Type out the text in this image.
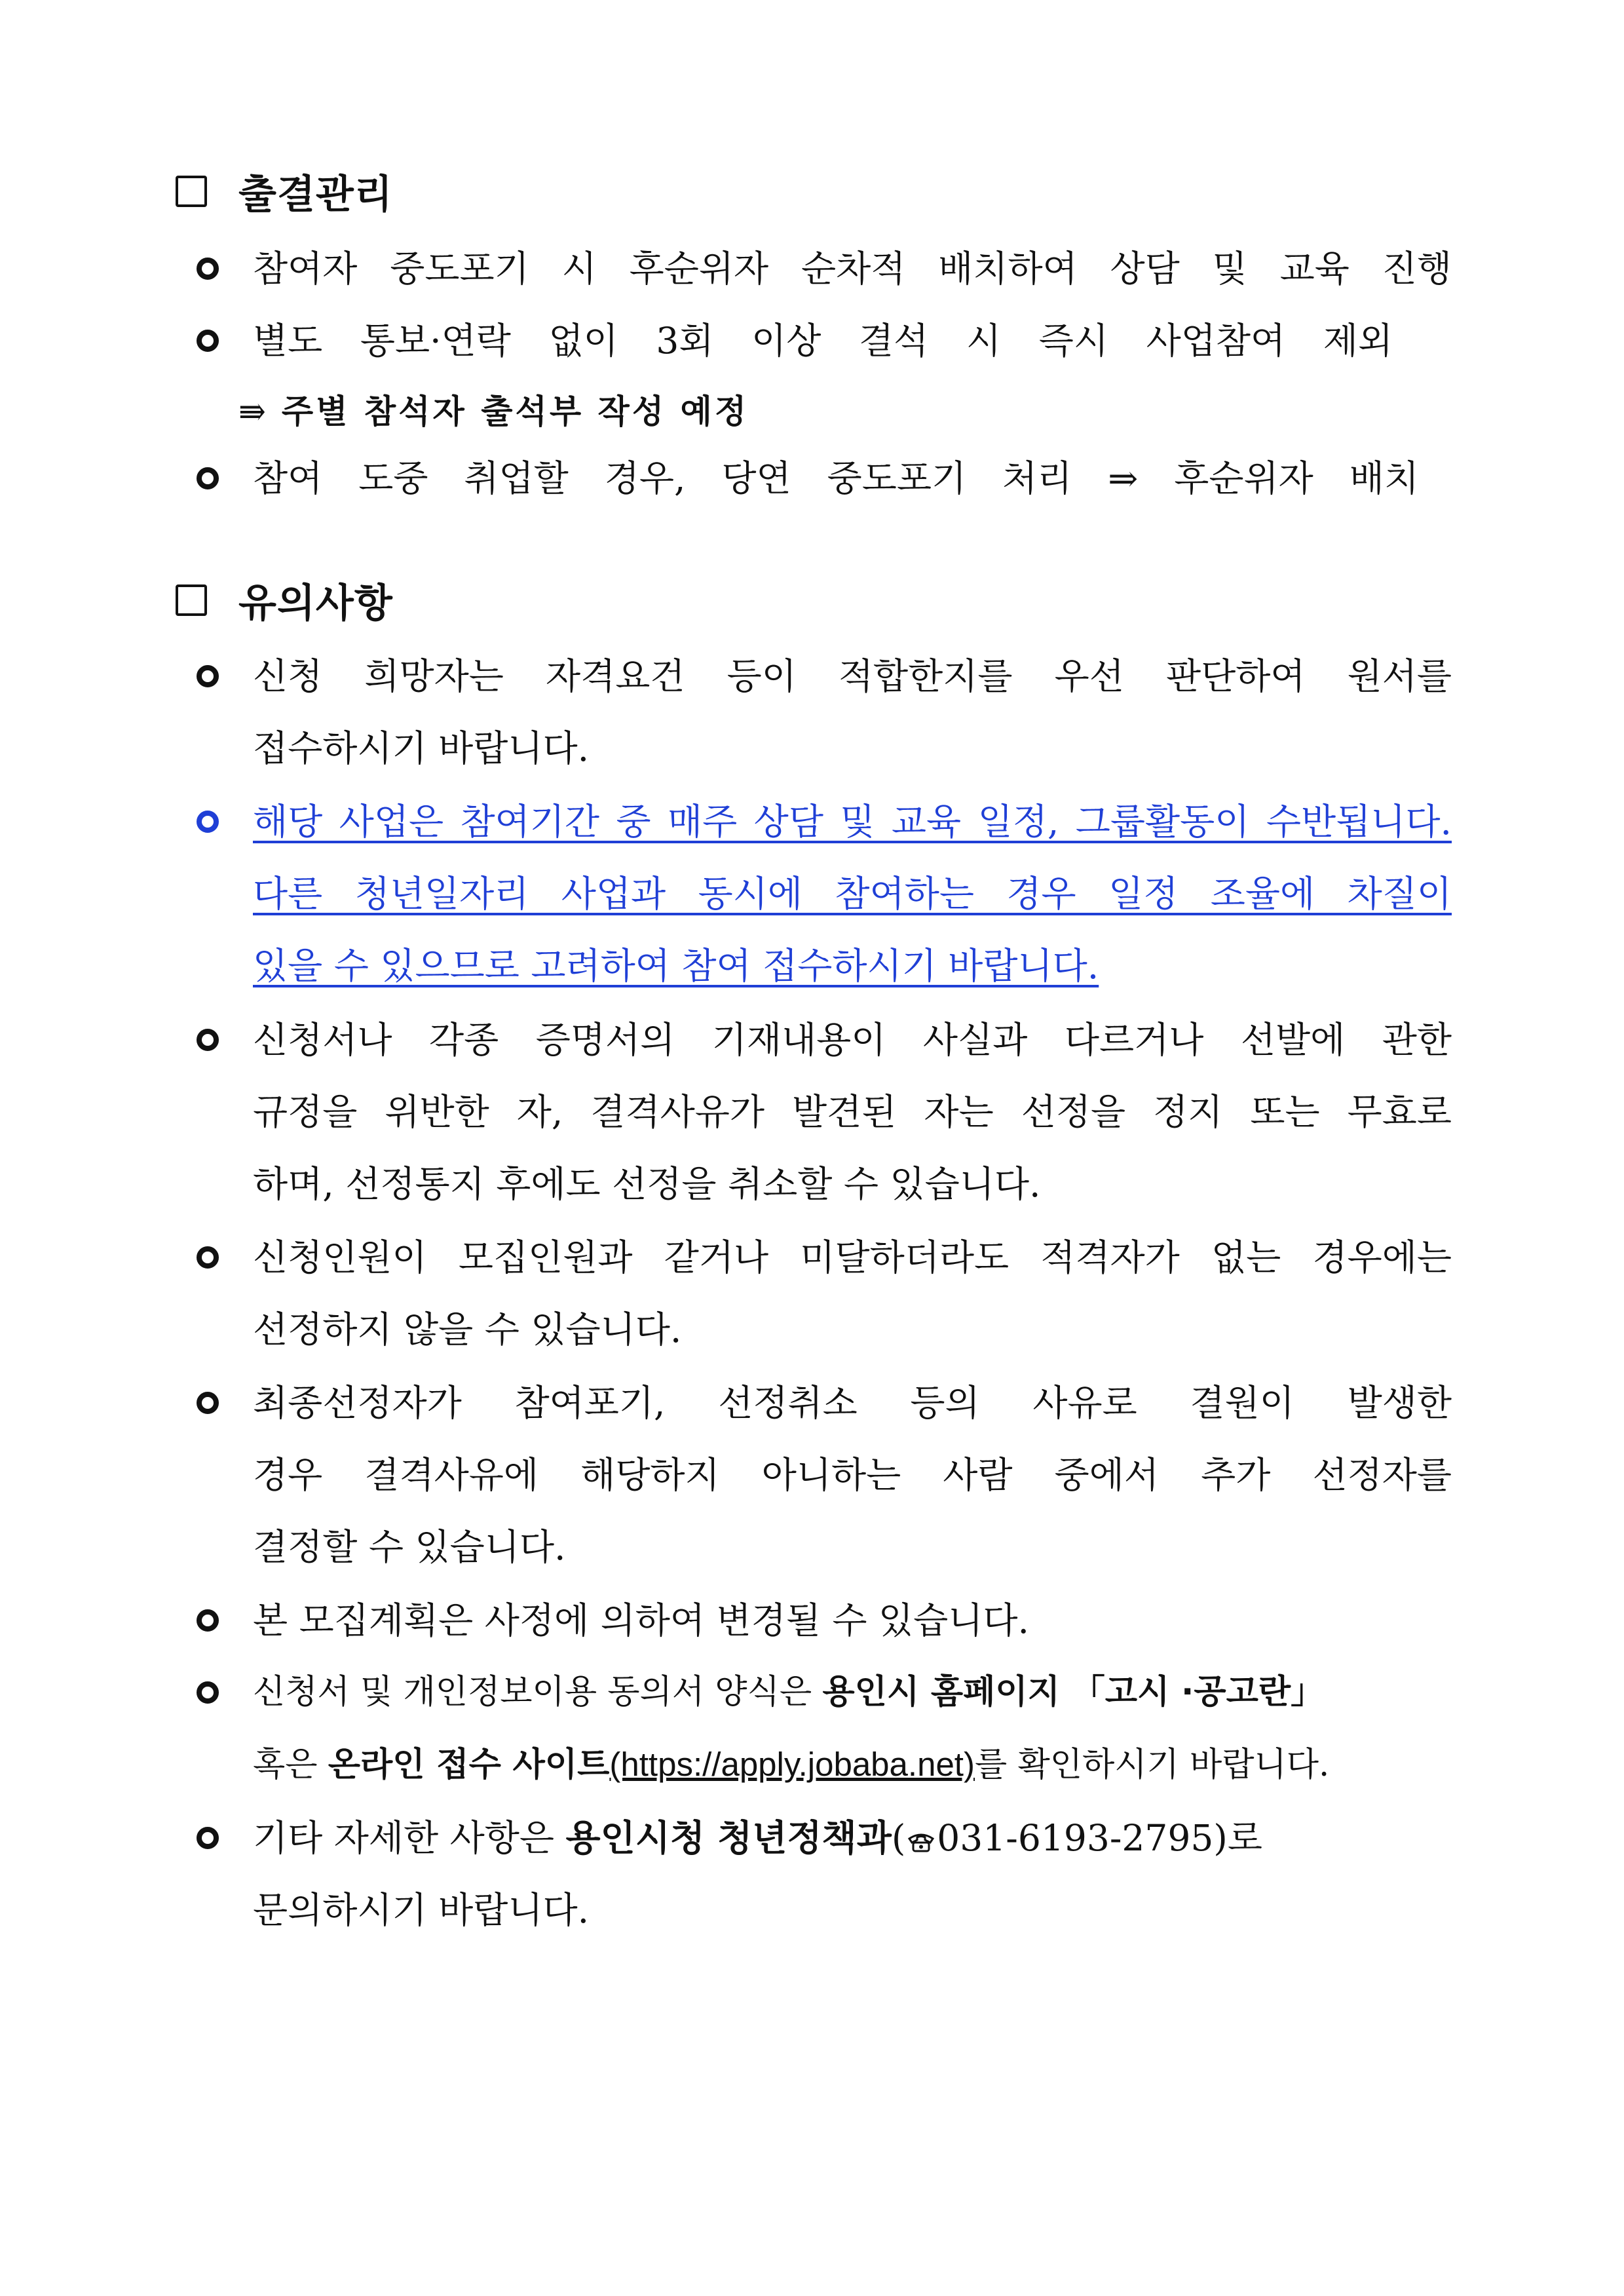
출결관리
참여자 중도포기 시 후순위자 순차적 배치하여 상담 및 교육 진행
별도 통보·연락 없이 3회 이상 결석 시 즉시 사업참여 제외
⇛ 주별 참석자 출석부 작성 예정
참여 도중 취업할 경우, 당연 중도포기 처리 ⇒ 후순위자 배치
유의사항
신청 희망자는 자격요건 등이 적합한지를 우선 판단하여 원서를
접수하시기 바랍니다.
해당 사업은 참여기간 중 매주 상담 및 교육 일정, 그룹활동이 수반됩니다.
다른 청년일자리 사업과 동시에 참여하는 경우 일정 조율에 차질이
있을 수 있으므로 고려하여 참여 접수하시기 바랍니다.
신청서나 각종 증명서의 기재내용이 사실과 다르거나 선발에 관한
규정을 위반한 자, 결격사유가 발견된 자는 선정을 정지 또는 무효로
하며, 선정통지 후에도 선정을 취소할 수 있습니다.
신청인원이 모집인원과 같거나 미달하더라도 적격자가 없는 경우에는
선정하지 않을 수 있습니다.
최종선정자가 참여포기, 선정취소 등의 사유로 결원이 발생한
경우 결격사유에 해당하지 아니하는 사람 중에서 추가 선정자를
결정할 수 있습니다.
본 모집계획은 사정에 의하여 변경될 수 있습니다.
신청서 및 개인정보이용 동의서 양식은 용인시 홈페이지 「고시 ·공고란」
혹은 온라인 접수 사이트(https://apply.jobaba.net)를 확인하시기 바랍니다.
기타 자세한 사항은 용인시청 청년정책과( 031-6193-2795)로
문의하시기 바랍니다.
